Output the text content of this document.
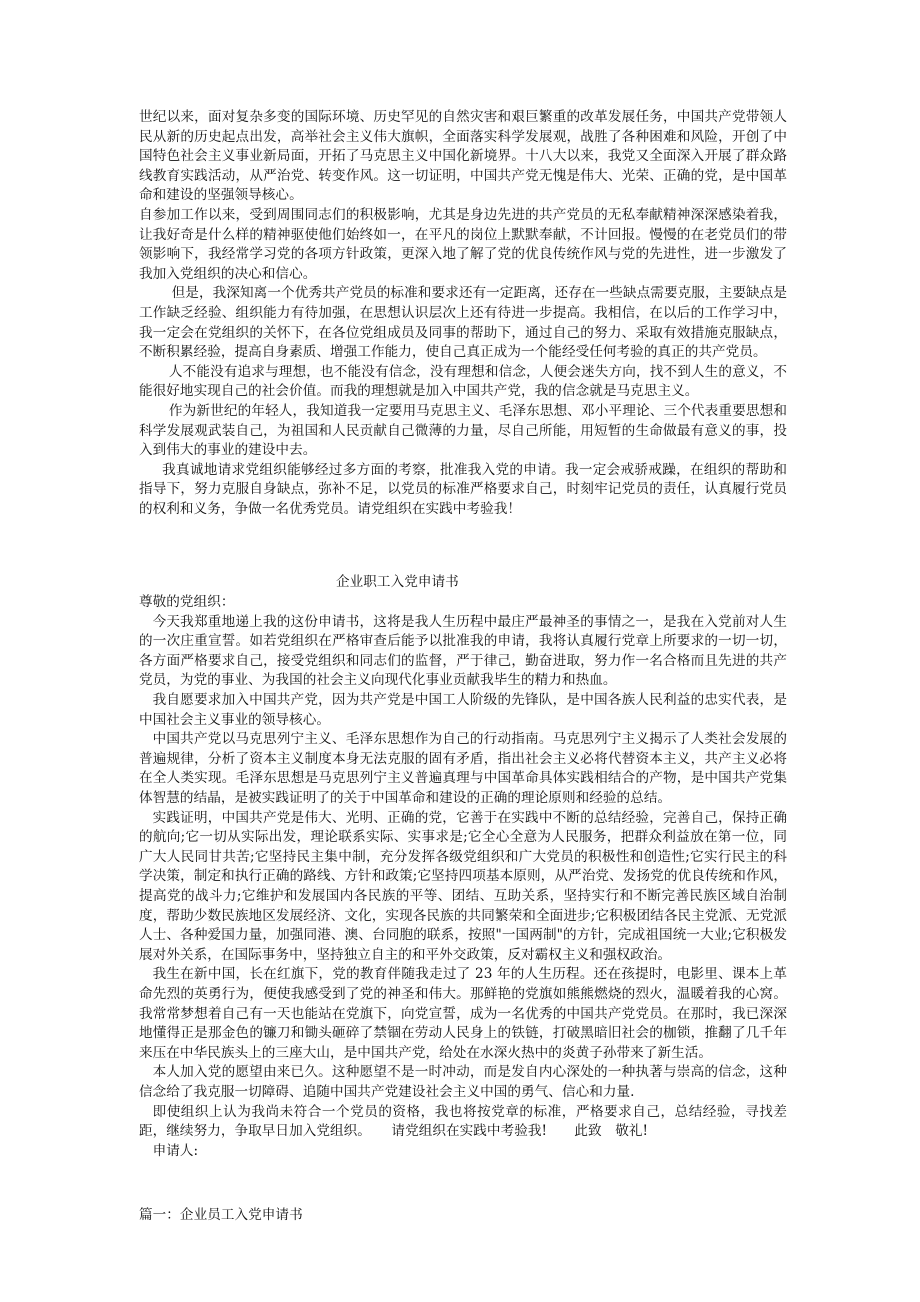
世纪以来，面对复杂多变的国际环境、历史罕见的自然灾害和艰巨繁重的改革发展任务，中国共产党带领人民从新的历史起点出发，高举社会主义伟大旗帜，全面落实科学发展观，战胜了各种困难和风险，开创了中国特色社会主义事业新局面，开拓了马克思主义中国化新境界。十八大以来，我党又全面深入开展了群众路线教育实践活动，从严治党、转变作风。这一切证明，中国共产党无愧是伟大、光荣、正确的党，是中国革命和建设的坚强领导核心。

自参加工作以来，受到周围同志们的积极影响，尤其是身边先进的共产党员的无私奉献精神深深感染着我，让我好奇是什么样的精神驱使他们始终如一，在平凡的岗位上默默奉献，不计回报。慢慢的在老党员们的带领影响下，我经常学习党的各项方针政策，更深入地了解了党的优良传统作风与党的先进性，进一步激发了我加入党组织的决心和信心。

但是，我深知离一个优秀共产党员的标准和要求还有一定距离，还存在一些缺点需要克服，主要缺点是工作缺乏经验、组织能力有待加强，在思想认识层次上还有待进一步提高。我相信，在以后的工作学习中，我一定会在党组织的关怀下，在各位党组成员及同事的帮助下，通过自己的努力、采取有效措施克服缺点，不断积累经验，提高自身素质、增强工作能力，使自己真正成为一个能经受任何考验的真正的共产党员。

人不能没有追求与理想，也不能没有信念，没有理想和信念，人便会迷失方向，找不到人生的意义，不能很好地实现自己的社会价值。而我的理想就是加入中国共产党，我的信念就是马克思主义。

作为新世纪的年轻人，我知道我一定要用马克思主义、毛泽东思想、邓小平理论、三个代表重要思想和科学发展观武装自己，为祖国和人民贡献自己微薄的力量，尽自己所能，用短暂的生命做最有意义的事，投入到伟大的事业的建设中去。

我真诚地请求党组织能够经过多方面的考察，批准我入党的申请。我一定会戒骄戒躁，在组织的帮助和指导下，努力克服自身缺点，弥补不足，以党员的标准严格要求自己，时刻牢记党员的责任，认真履行党员的权利和义务，争做一名优秀党员。请党组织在实践中考验我！

企业职工入党申请书

尊敬的党组织：

今天我郑重地递上我的这份申请书，这将是我人生历程中最庄严最神圣的事情之一，是我在入党前对人生的一次庄重宣誓。如若党组织在严格审查后能予以批准我的申请，我将认真履行党章上所要求的一切一切，各方面严格要求自己，接受党组织和同志们的监督，严于律己，勤奋进取，努力作一名合格而且先进的共产党员，为党的事业、为我国的社会主义向现代化事业贡献我毕生的精力和热血。

我自愿要求加入中国共产党，因为共产党是中国工人阶级的先锋队，是中国各族人民利益的忠实代表，是中国社会主义事业的领导核心。

中国共产党以马克思列宁主义、毛泽东思想作为自己的行动指南。马克思列宁主义揭示了人类社会发展的普遍规律，分析了资本主义制度本身无法克服的固有矛盾，指出社会主义必将代替资本主义，共产主义必将在全人类实现。毛泽东思想是马克思列宁主义普遍真理与中国革命具体实践相结合的产物，是中国共产党集体智慧的结晶，是被实践证明了的关于中国革命和建设的正确的理论原则和经验的总结。

实践证明，中国共产党是伟大、光明、正确的党，它善于在实践中不断的总结经验，完善自己，保持正确的航向;它一切从实际出发，理论联系实际、实事求是;它全心全意为人民服务，把群众利益放在第一位，同广大人民同甘共苦;它坚持民主集中制，充分发挥各级党组织和广大党员的积极性和创造性;它实行民主的科学决策，制定和执行正确的路线、方针和政策;它坚持四项基本原则，从严治党、发扬党的优良传统和作风，提高党的战斗力;它维护和发展国内各民族的平等、团结、互助关系，坚持实行和不断完善民族区域自治制度，帮助少数民族地区发展经济、文化，实现各民族的共同繁荣和全面进步;它积极团结各民主党派、无党派人士、各种爱国力量，加强同港、澳、台同胞的联系，按照"一国两制"的方针，完成祖国统一大业;它积极发展对外关系，在国际事务中，坚持独立自主的和平外交政策，反对霸权主义和强权政治。

我生在新中国，长在红旗下，党的教育伴随我走过了 23 年的人生历程。还在孩提时，电影里、课本上革命先烈的英勇行为，便使我感受到了党的神圣和伟大。那鲜艳的党旗如熊熊燃烧的烈火，温暖着我的心窝。我常常梦想着自己有一天也能站在党旗下，向党宣誓，成为一名优秀的中国共产党党员。在那时，我已深深地懂得正是那金色的镰刀和锄头砸碎了禁锢在劳动人民身上的铁链，打破黑暗旧社会的枷锁，推翻了几千年来压在中华民族头上的三座大山，是中国共产党，给处在水深火热中的炎黄子孙带来了新生活。

本人加入党的愿望由来已久。这种愿望不是一时冲动，而是发自内心深处的一种执著与崇高的信念，这种信念给了我克服一切障碍、追随中国共产党建设社会主义中国的勇气、信心和力量.

即使组织上认为我尚未符合一个党员的资格，我也将按党章的标准，严格要求自己，总结经验，寻找差距，继续努力，争取早日加入党组织。　　请党组织在实践中考验我!　　此致　敬礼!

申请人:

篇一：企业员工入党申请书
